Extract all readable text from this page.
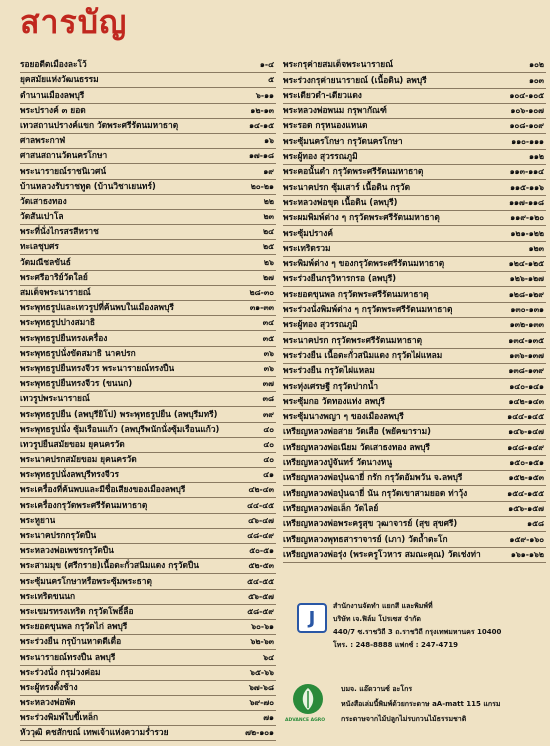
สารบัญ
รอยอดีตเมืองละโว้	๑-๔
ยุคสมัยแห่งวัฒนธรรม	๕
ตำนานเมืองลพบุรี	๖-๑๑
พระปรางค์ ๓ ยอด	๑๒-๑๓
เทวสถานปรางค์แขก วัดพระศรีรัตนมหาธาตุ	๑๔-๑๕
ศาลพระกาฬ	๑๖
ศาสนสถานวัดนครโกษา	๑๗-๑๘
พระนารายณ์ราชนิเวศน์	๑๙
บ้านหลวงรับราชทูต (บ้านวิชาเยนทร์)	๒๐-๒๑
วัดเสาธงทอง	๒๒
วัดสันเปาโล	๒๓
พระที่นั่งไกรสรสีหราช	๒๔
ทะเลชุบศร	๒๕
วัดมณีชลขันธ์	๒๖
พระศรีอาริย์วัดใลย์	๒๗
สมเด็จพระนารายณ์	๒๘-๓๐
พระพุทธรูปและเทวรูปที่ค้นพบในเมืองลพบุรี	๓๑-๓๓
พระพุทธรูปปางสมาธิ	๓๔
พระพุทธรูปยืนทรงเครื่อง	๓๕
พระพุทธรูปนั่งขัดสมาธิ นาคปรก	๓๖
พระพุทธรูปยืนทรงจีวร พระนารายณ์ทรงปืน	๓๖
พระพุทธรูปยืนทรงจีวร (ขนนก)	๓๗
เทวรูปพระนารายณ์	๓๘
พระพุทธรูปยืน (ลพบุรียิโป) พระพุทธรูปยืน (ลพบุรีมทรี)	๓๙
พระพุทธรูปนั่ง ซุ้มเรือนแก้ว (ลพบุรีพนักนั่งซุ้มเรือนแก้ว)	๔๐
เทวรูปยืนสมัยขอม ยุคนครวัด	๔๐
พระนาคปรกสมัยขอม ยุคนครวัด	๔๐
พระพุทธรูปนั่งลพบุรีทรงจีวร	๔๑
พระเครื่องที่ค้นพบและมีชื่อเสียงของเมืองลพบุรี	๔๒-๔๓
พระเครื่องกรุวัดพระศรีรัตนมหาธาตุ	๔๔-๔๕
พระหูยาน	๔๖-๔๗
พระนาคปรกกรุวัดปืน	๔๘-๔๙
พระหลวงพ่อเพชรกรุวัดปืน	๕๐-๕๑
พระสามมุข (ศรีกราย)เนื้อตะกั่วสนิมแดง กรุวัดปืน	๕๒-๕๓
พระซุ้มนครโกษาหรือพระซุ้มพระธาตุ	๕๔-๕๕
พระเทริดขนนก	๕๖-๕๗
พระเขมรทรงเทริด กรุวัดโพธิ์ลือ	๕๘-๕๙
พระยอดขุนพล กรุวัดไก่ ลพบุรี	๖๐-๖๑
พระร่วงยืน กรุบ้านหาดดีเดื่อ	๖๒-๖๓
พระนารายณ์ทรงปืน ลพบุรี	๖๔
พระร่วงนั่ง กรุม่วงค่อม	๖๕-๖๖
พระผู้ทรงตั้งช้าง	๖๗-๖๘
พระหลวงพ่อพัด	๖๙-๗๐
พระร่วงพิมพ์ใบขี้เหล็ก	๗๑
หัววุฒิ คชสักขณ์ เทพเจ้าแห่งความร่ำรวย	๗๒-๑๐๑
พระกรุค่ายสมเด็จพระนารายณ์	๑๐๒
พระร่วงกรุค่ายนารายณ์ (เนื้อดิน) ลพบุรี	๑๐๓
พระเดียวดำ-เดียวแดง	๑๐๔-๑๐๕
พระหลวงพ่อพนม กรุพากัณฑ์	๑๐๖-๑๐๗
พระรอด กรุหนองแหนด	๑๐๘-๑๐๙
พระซุ้มนครโกษา กรุวัดนครโกษา	๑๑๐-๑๑๑
พระผู้ทอง สุวรรณภูมิ	๑๑๒
พระคอนั้นดำ กรุวัดพระศรีรัตนมหาธาตุ	๑๑๓-๑๑๔
พระนาคปรก ซุ้มเสาร์ เนื้อดิน กรุวัด	๑๑๕-๑๑๖
พระหลวงพ่อขุด เนื้อดิน (ลพบุรี)	๑๑๗-๑๑๘
พระผมพิมพ์ต่าง ๆ กรุวัดพระศรีรัตนมหาธาตุ	๑๑๙-๑๒๐
พระซุ้มปรางค์	๑๒๑-๑๒๒
พระเทริดรวม	๑๒๓
พระพิมพ์ต่าง ๆ ของกรุวัดพระศรีรัตนมหาธาตุ	๑๒๔-๑๒๕
พระร่วงยืนกรุวิหารกรอ (ลพบุรี)	๑๒๖-๑๒๗
พระยอดขุนพล กรุวัดพระศรีรัตนมหาธาตุ	๑๒๘-๑๒๙
พระร่วงนั่งพิมพ์ต่าง ๆ กรุวัดพระศรีรัตนมหาธาตุ	๑๓๐-๑๓๑
พระผู้ทอง สุวรรณภูมิ	๑๓๒-๑๓๓
พระนาคปรก กรุวัดพระศรีรัตนมหาธาตุ	๑๓๔-๑๓๕
พระร่วงยืน เนื้อตะกั่วสนิมแดง กรุวัดไผ่แหลม	๑๓๖-๑๓๗
พระร่วงยืน กรุวัดไผ่แหลม	๑๓๘-๑๓๙
พระทุ่งเศรษฐี กรุวัดปากน้ำ	๑๔๐-๑๔๑
พระซุ้มกอ วัดทองแท่ง ลพบุรี	๑๔๒-๑๔๓
พระซุ้มนางพญา ๆ ของเมืองลพบุรี	๑๔๔-๑๔๕
เหรียญหลวงพ่อสาย วัดเสือ (พยัคฆาราม)	๑๔๖-๑๔๗
เหรียญหลวงพ่อเนียม วัดเสาธงทอง ลพบุรี	๑๔๘-๑๔๙
เหรียญหลวงปู่จันทร์ วัดนางหนู	๑๕๐-๑๕๑
เหรียญหลวงพ่อปุ่นฉายี่ กรัก กรุวัดอัมพวัน จ.ลพบุรี	๑๕๒-๑๕๓
เหรียญหลวงพ่อปุ่นฉายี่ นัน กรุวัดเขาสามยอด ท่าวุ้ง	๑๕๔-๑๕๕
เหรียญหลวงพ่อเล็ก วัดไลย์	๑๕๖-๑๕๗
เหรียญหลวงพ่อพระครูสุข วุฒาจารย์ (สุข สุขศรี)	๑๕๘
เหรียญหลวงพุทธสาราจารย์ (เภา) วัดถ้ำตะโก	๑๕๙-๑๖๐
เหรียญหลวงพ่อรุ่ง (พระครูโวหาร สมณะคุณ) วัดเช่งท่า	๑๖๑-๑๖๒
J
สำนักงานจัดทำ แยกสี และพิมพ์ที่
บริษัท เจ.ฟิล์ม โปรเซส จำกัด
440/7 ซ.ราชวิถี 3 ถ.ราชวิถี กรุงเทพมหานคร 10400
โทร. : 248-8888 แฟกซ์ : 247-4719
ADVANCE AGRO
บมจ. แอ๊ดวานซ์ อะโกร
หนังสือเล่มนี้พิมพ์ด้วยกระดาษ aA-matt 115 แกรม
กระดาษจากไม้ปลูกไม่รบกวนไม้ธรรมชาติ
